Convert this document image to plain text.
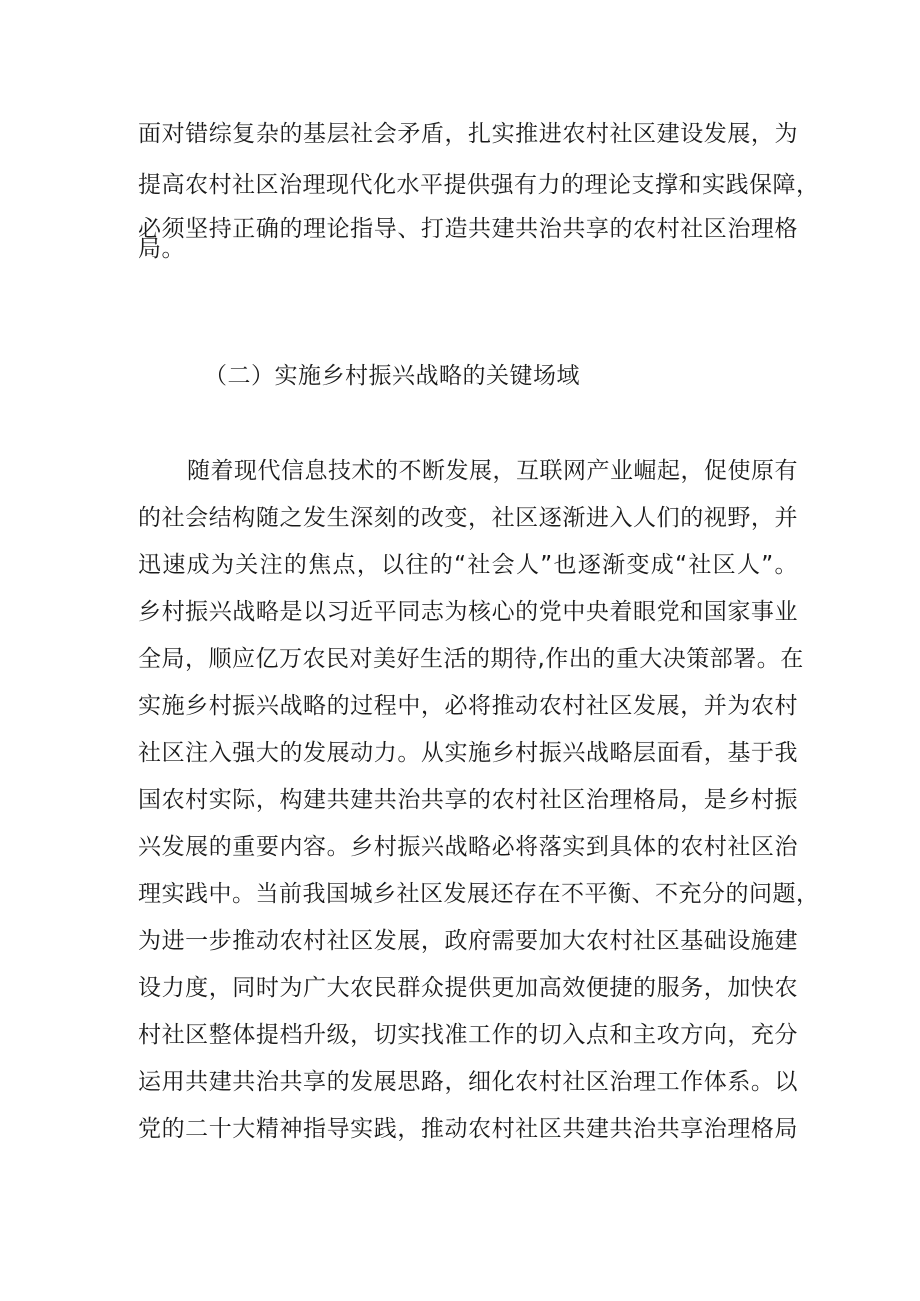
面对错综复杂的基层社会矛盾，扎实推进农村社区建设发展，为
提高农村社区治理现代化水平提供强有力的理论支撑和实践保障，
必须坚持正确的理论指导、打造共建共治共享的农村社区治理格
局。
（二）实施乡村振兴战略的关键场域
随着现代信息技术的不断发展，互联网产业崛起，促使原有
的社会结构随之发生深刻的改变，社区逐渐进入人们的视野，并
迅速成为关注的焦点，以往的“社会人”也逐渐变成“社区人”。
乡村振兴战略是以习近平同志为核心的党中央着眼党和国家事业
全局，顺应亿万农民对美好生活的期待,作出的重大决策部署。在
实施乡村振兴战略的过程中，必将推动农村社区发展，并为农村
社区注入强大的发展动力。从实施乡村振兴战略层面看，基于我
国农村实际，构建共建共治共享的农村社区治理格局，是乡村振
兴发展的重要内容。乡村振兴战略必将落实到具体的农村社区治
理实践中。当前我国城乡社区发展还存在不平衡、不充分的问题，
为进一步推动农村社区发展，政府需要加大农村社区基础设施建
设力度，同时为广大农民群众提供更加高效便捷的服务，加快农
村社区整体提档升级，切实找准工作的切入点和主攻方向，充分
运用共建共治共享的发展思路，细化农村社区治理工作体系。以
党的二十大精神指导实践，推动农村社区共建共治共享治理格局
